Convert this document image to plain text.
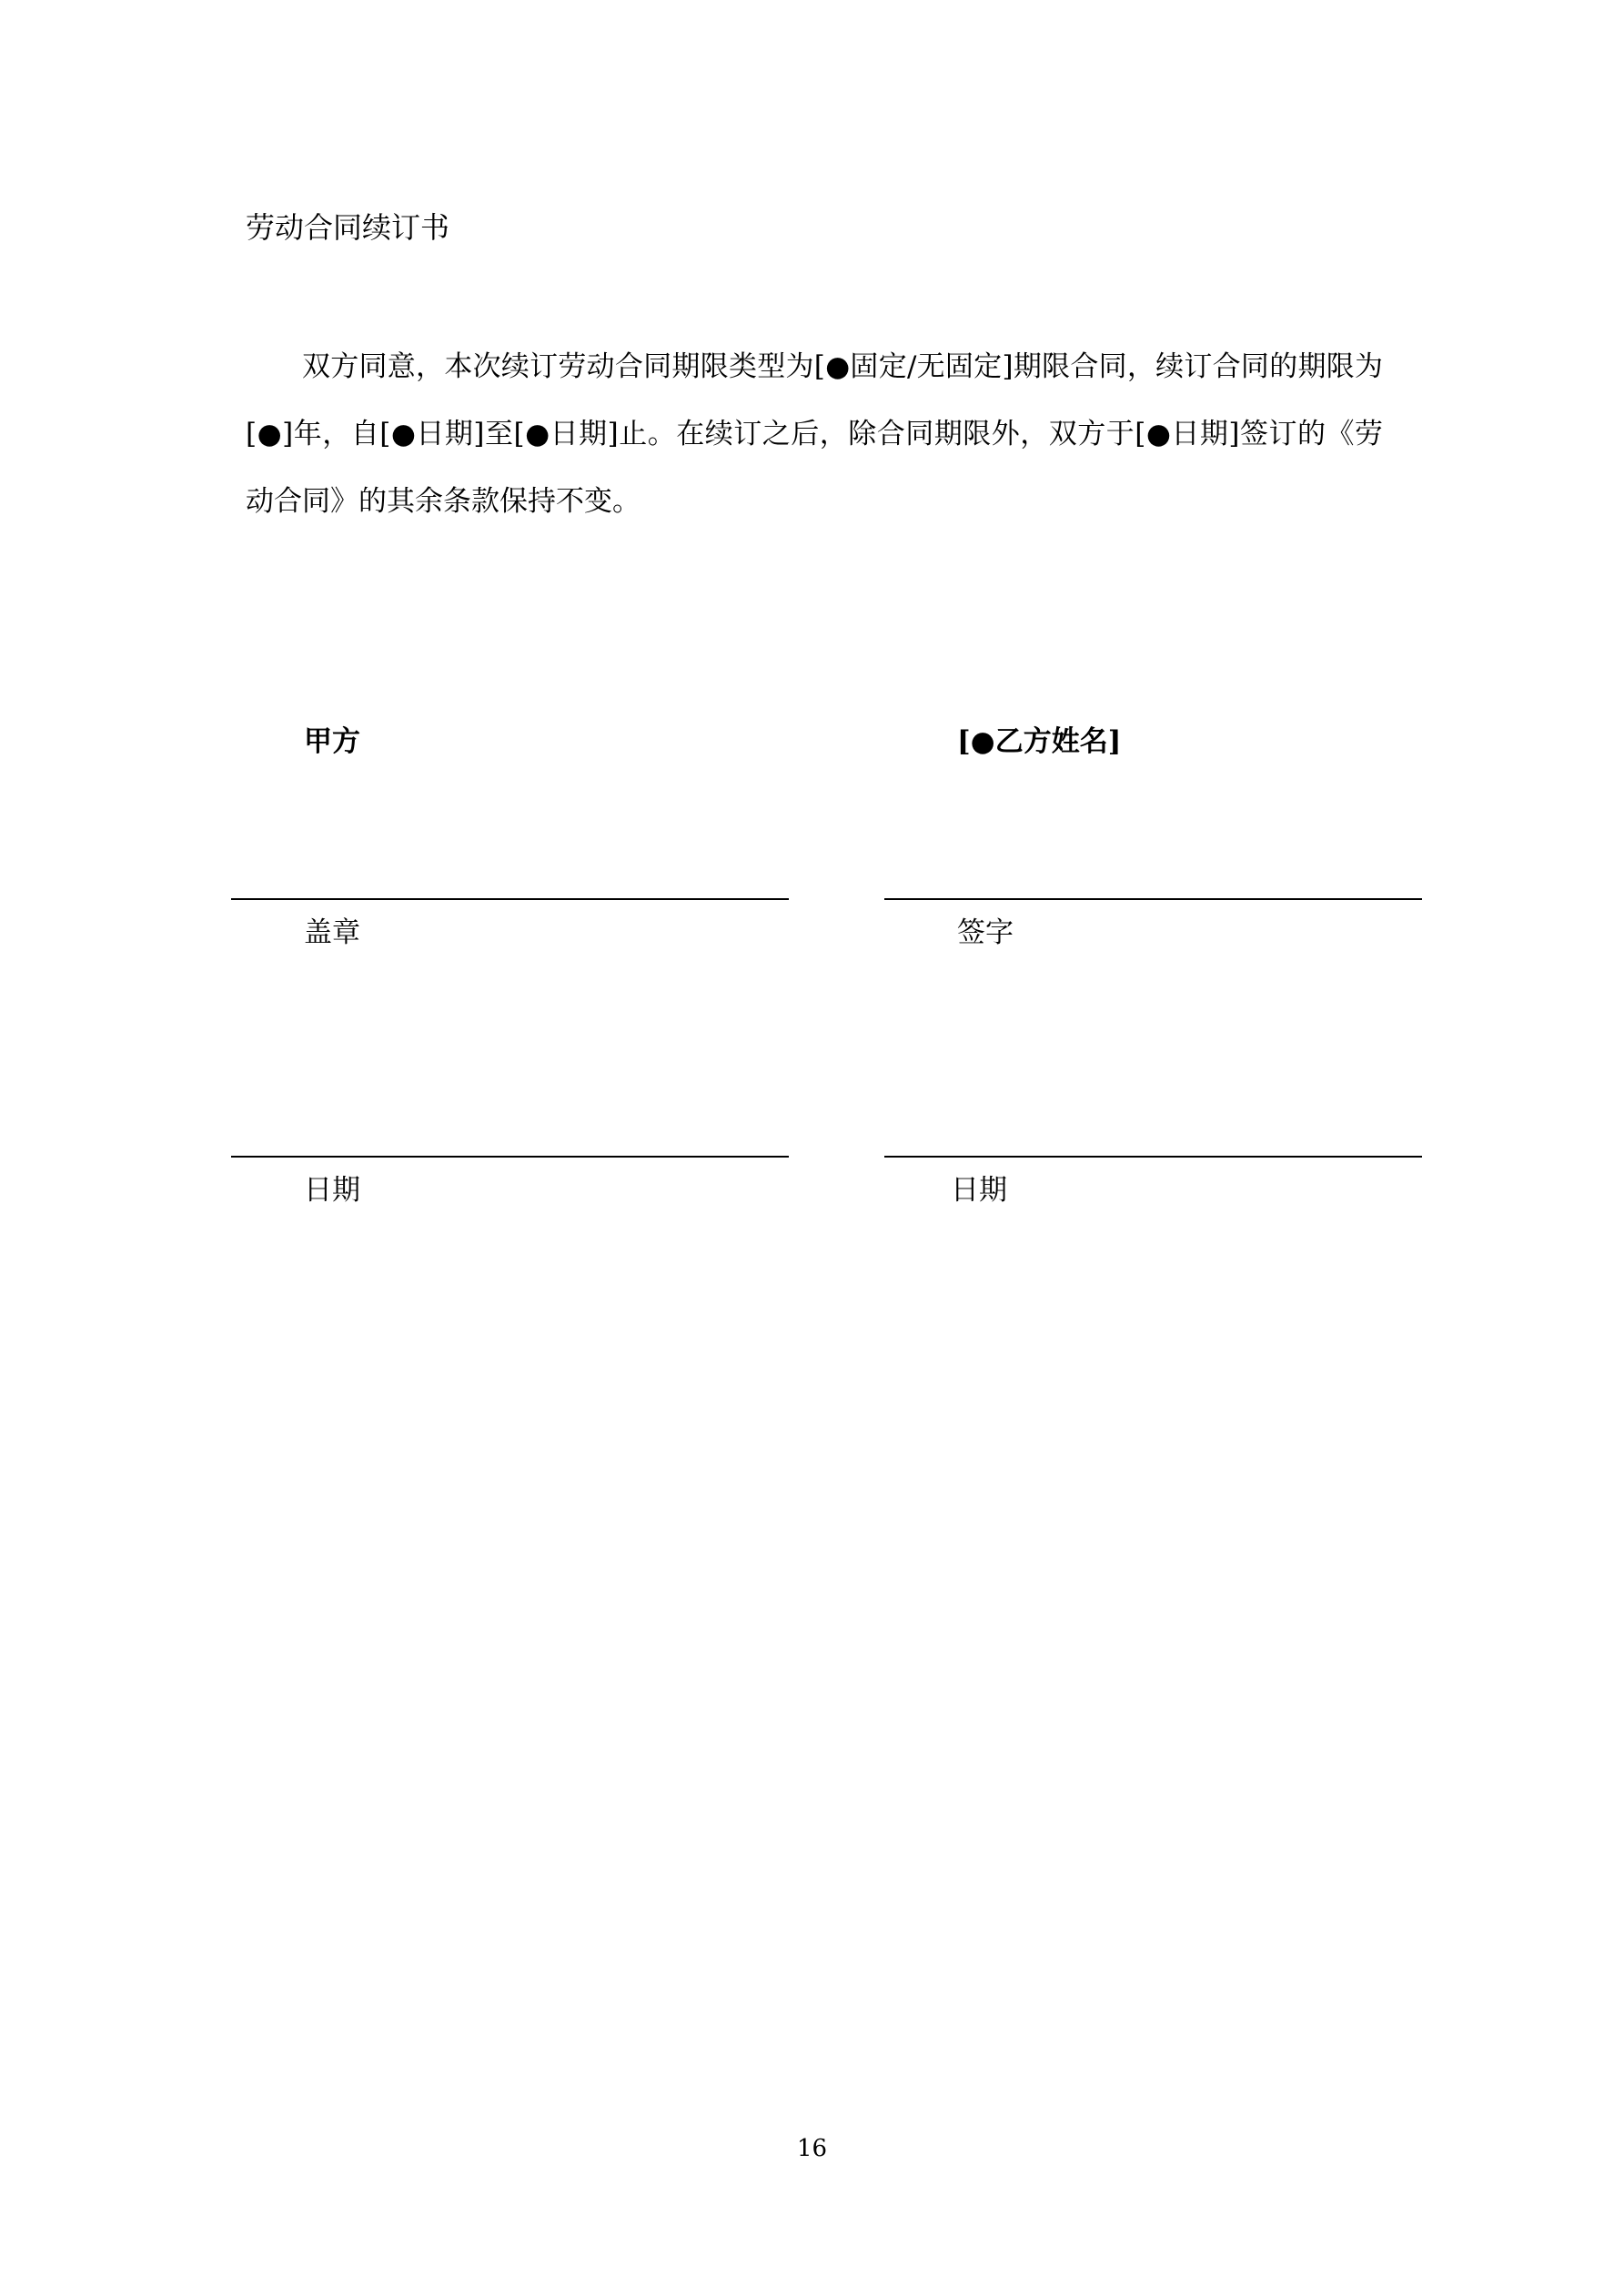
劳动合同续订书

双方同意，本次续订劳动合同期限类型为[●固定/无固定]期限合同，续订合同的期限为[●]年，自[●日期]至[●日期]止。在续订之后，除合同期限外，双方于[●日期]签订的《劳动合同》的其余条款保持不变。

甲方
盖章
日期
[●乙方姓名]
签字
日期
16
